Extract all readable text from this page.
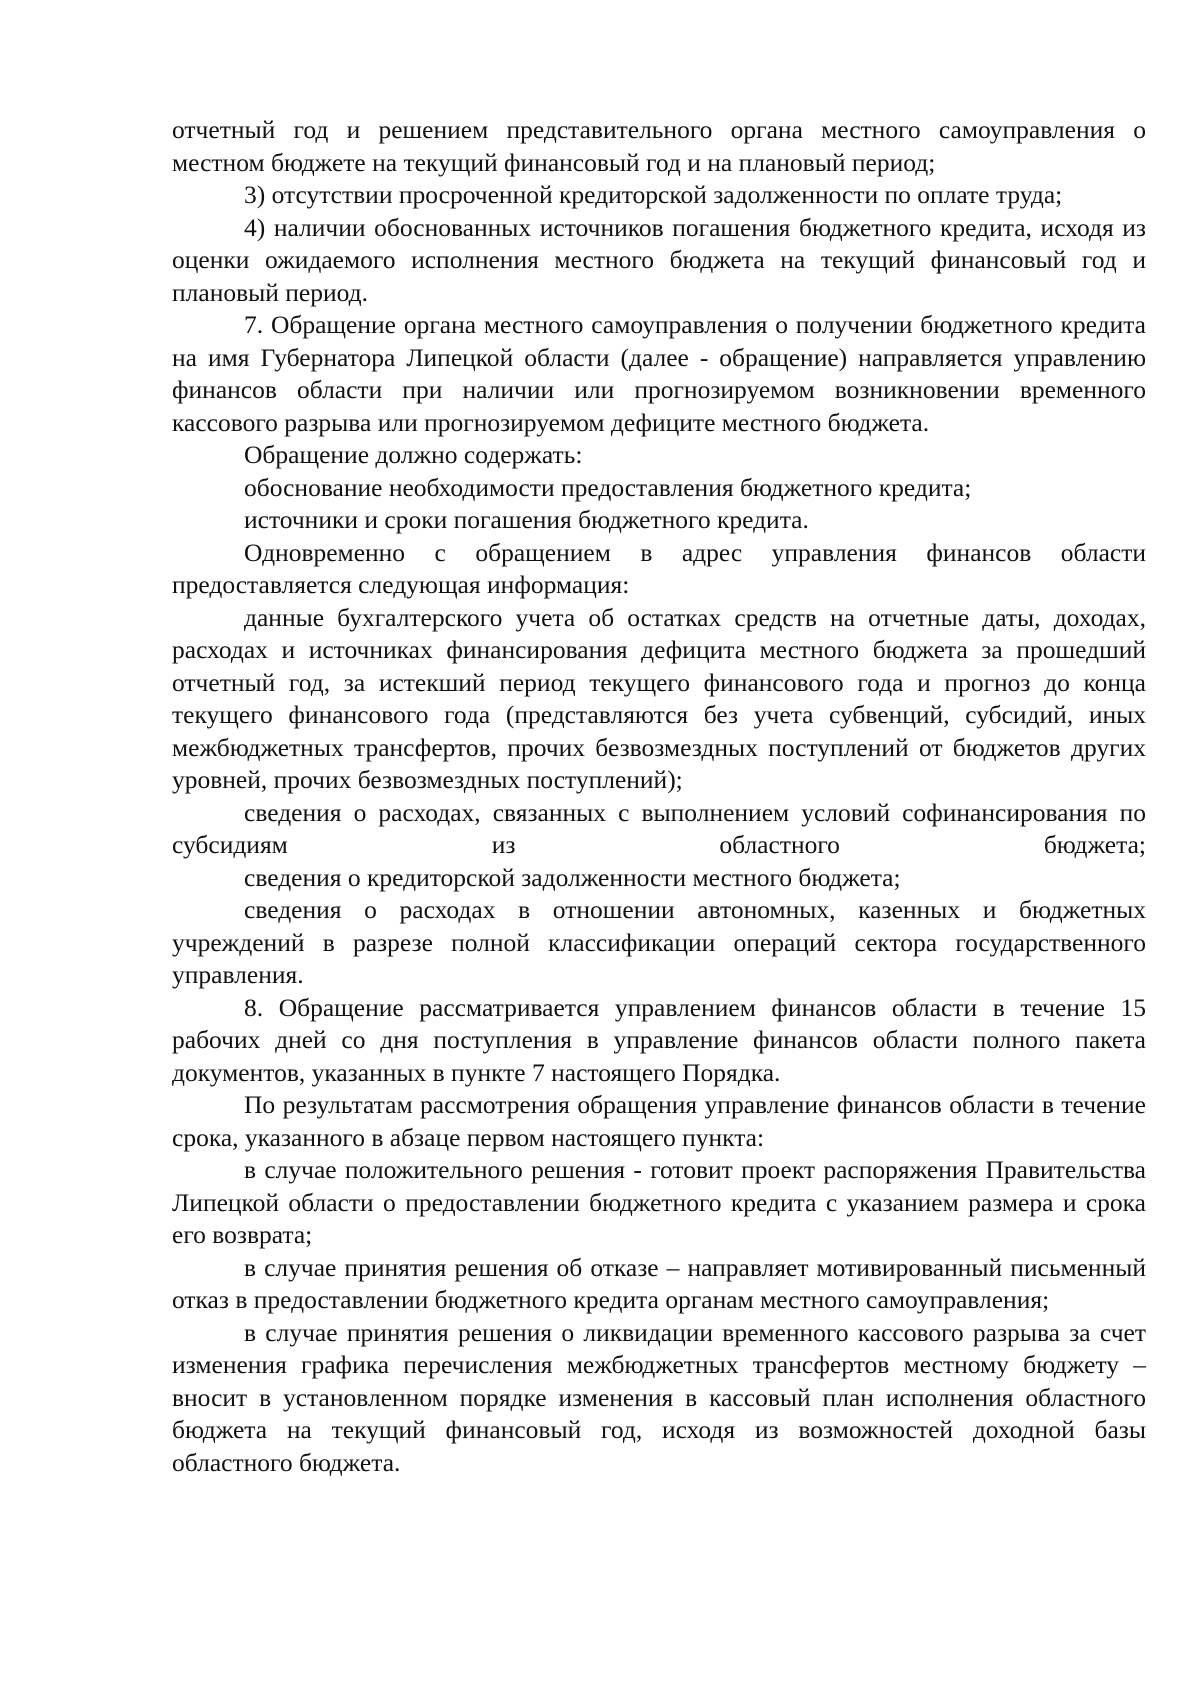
отчетный год и решением представительного органа местного самоуправления о местном бюджете на текущий финансовый год и на плановый период;

3) отсутствии просроченной кредиторской задолженности по оплате труда;

4) наличии обоснованных источников погашения бюджетного кредита, исходя из оценки ожидаемого исполнения местного бюджета на текущий финансовый год и плановый период.

7. Обращение органа местного самоуправления о получении бюджетного кредита на имя Губернатора Липецкой области (далее - обращение) направляется управлению финансов области при наличии или прогнозируемом возникновении временного кассового разрыва или прогнозируемом дефиците местного бюджета.

Обращение должно содержать:

обоснование необходимости предоставления бюджетного кредита;

источники и сроки погашения бюджетного кредита.

Одновременно с обращением в адрес управления финансов области предоставляется следующая информация:

данные бухгалтерского учета об остатках средств на отчетные даты, доходах, расходах и источниках финансирования дефицита местного бюджета за прошедший отчетный год, за истекший период текущего финансового года и прогноз до конца текущего финансового года (представляются без учета субвенций, субсидий, иных межбюджетных трансфертов, прочих безвозмездных поступлений от бюджетов других уровней, прочих безвозмездных поступлений);

сведения о расходах, связанных с выполнением условий софинансирования по субсидиям из областного бюджета;

сведения о кредиторской задолженности местного бюджета;

сведения о расходах в отношении автономных, казенных и бюджетных учреждений в разрезе полной классификации операций сектора государственного управления.

8. Обращение рассматривается управлением финансов области в течение 15 рабочих дней со дня поступления в управление финансов области полного пакета документов, указанных в пункте 7 настоящего Порядка.

По результатам рассмотрения обращения управление финансов области в течение срока, указанного в абзаце первом настоящего пункта:

в случае положительного решения - готовит проект распоряжения Правительства Липецкой области о предоставлении бюджетного кредита с указанием размера и срока его возврата;

в случае принятия решения об отказе – направляет мотивированный письменный отказ в предоставлении бюджетного кредита органам местного самоуправления;

в случае принятия решения о ликвидации временного кассового разрыва за счет изменения графика перечисления межбюджетных трансфертов местному бюджету – вносит в установленном порядке изменения в кассовый план исполнения областного бюджета на текущий финансовый год, исходя из возможностей доходной базы областного бюджета.
